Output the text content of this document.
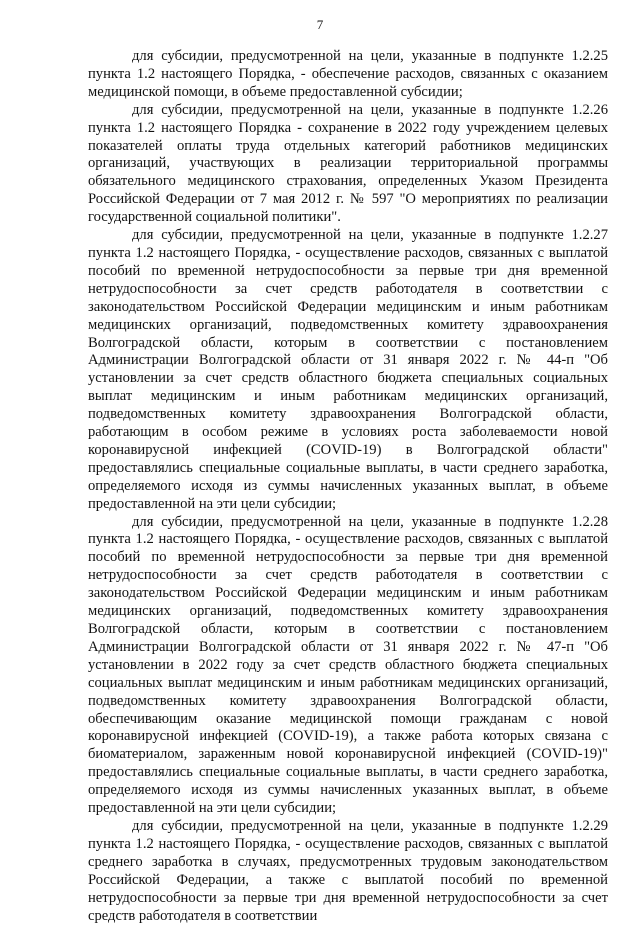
7

для субсидии, предусмотренной на цели, указанные в подпункте 1.2.25 пункта 1.2 настоящего Порядка, - обеспечение расходов, связанных с оказанием медицинской помощи, в объеме предоставленной субсидии;

для субсидии, предусмотренной на цели, указанные в подпункте 1.2.26 пункта 1.2 настоящего Порядка - сохранение в 2022 году учреждением целевых показателей оплаты труда отдельных категорий работников медицинских организаций, участвующих в реализации территориальной программы обязательного медицинского страхования, определенных Указом Президента Российской Федерации от 7 мая 2012 г. № 597 "О мероприятиях по реализации государственной социальной политики".

для субсидии, предусмотренной на цели, указанные в подпункте 1.2.27 пункта 1.2 настоящего Порядка, - осуществление расходов, связанных с выплатой пособий по временной нетрудоспособности за первые три дня временной нетрудоспособности за счет средств работодателя в соответствии с законодательством Российской Федерации медицинским и иным работникам медицинских организаций, подведомственных комитету здравоохранения Волгоградской области, которым в соответствии с постановлением Администрации Волгоградской области от 31 января 2022 г. № 44-п "Об установлении за счет средств областного бюджета специальных социальных выплат медицинским и иным работникам медицинских организаций, подведомственных комитету здравоохранения Волгоградской области, работающим в особом режиме в условиях роста заболеваемости новой коронавирусной инфекцией (COVID-19) в Волгоградской области" предоставлялись специальные социальные выплаты, в части среднего заработка, определяемого исходя из суммы начисленных указанных выплат, в объеме предоставленной на эти цели субсидии;

для субсидии, предусмотренной на цели, указанные в подпункте 1.2.28 пункта 1.2 настоящего Порядка, - осуществление расходов, связанных с выплатой пособий по временной нетрудоспособности за первые три дня временной нетрудоспособности за счет средств работодателя в соответствии с законодательством Российской Федерации медицинским и иным работникам медицинских организаций, подведомственных комитету здравоохранения Волгоградской области, которым в соответствии с постановлением Администрации Волгоградской области от 31 января 2022 г. № 47-п "Об установлении в 2022 году за счет средств областного бюджета специальных социальных выплат медицинским и иным работникам медицинских организаций, подведомственных комитету здравоохранения Волгоградской области, обеспечивающим оказание медицинской помощи гражданам с новой коронавирусной инфекцией (COVID-19), а также работа которых связана с биоматериалом, зараженным новой коронавирусной инфекцией (COVID-19)" предоставлялись специальные социальные выплаты, в части среднего заработка, определяемого исходя из суммы начисленных указанных выплат, в объеме предоставленной на эти цели субсидии;

для субсидии, предусмотренной на цели, указанные в подпункте 1.2.29 пункта 1.2 настоящего Порядка, - осуществление расходов, связанных с выплатой среднего заработка в случаях, предусмотренных трудовым законодательством Российской Федерации, а также с выплатой пособий по временной нетрудоспособности за первые три дня временной нетрудоспособности за счет средств работодателя в соответствии
